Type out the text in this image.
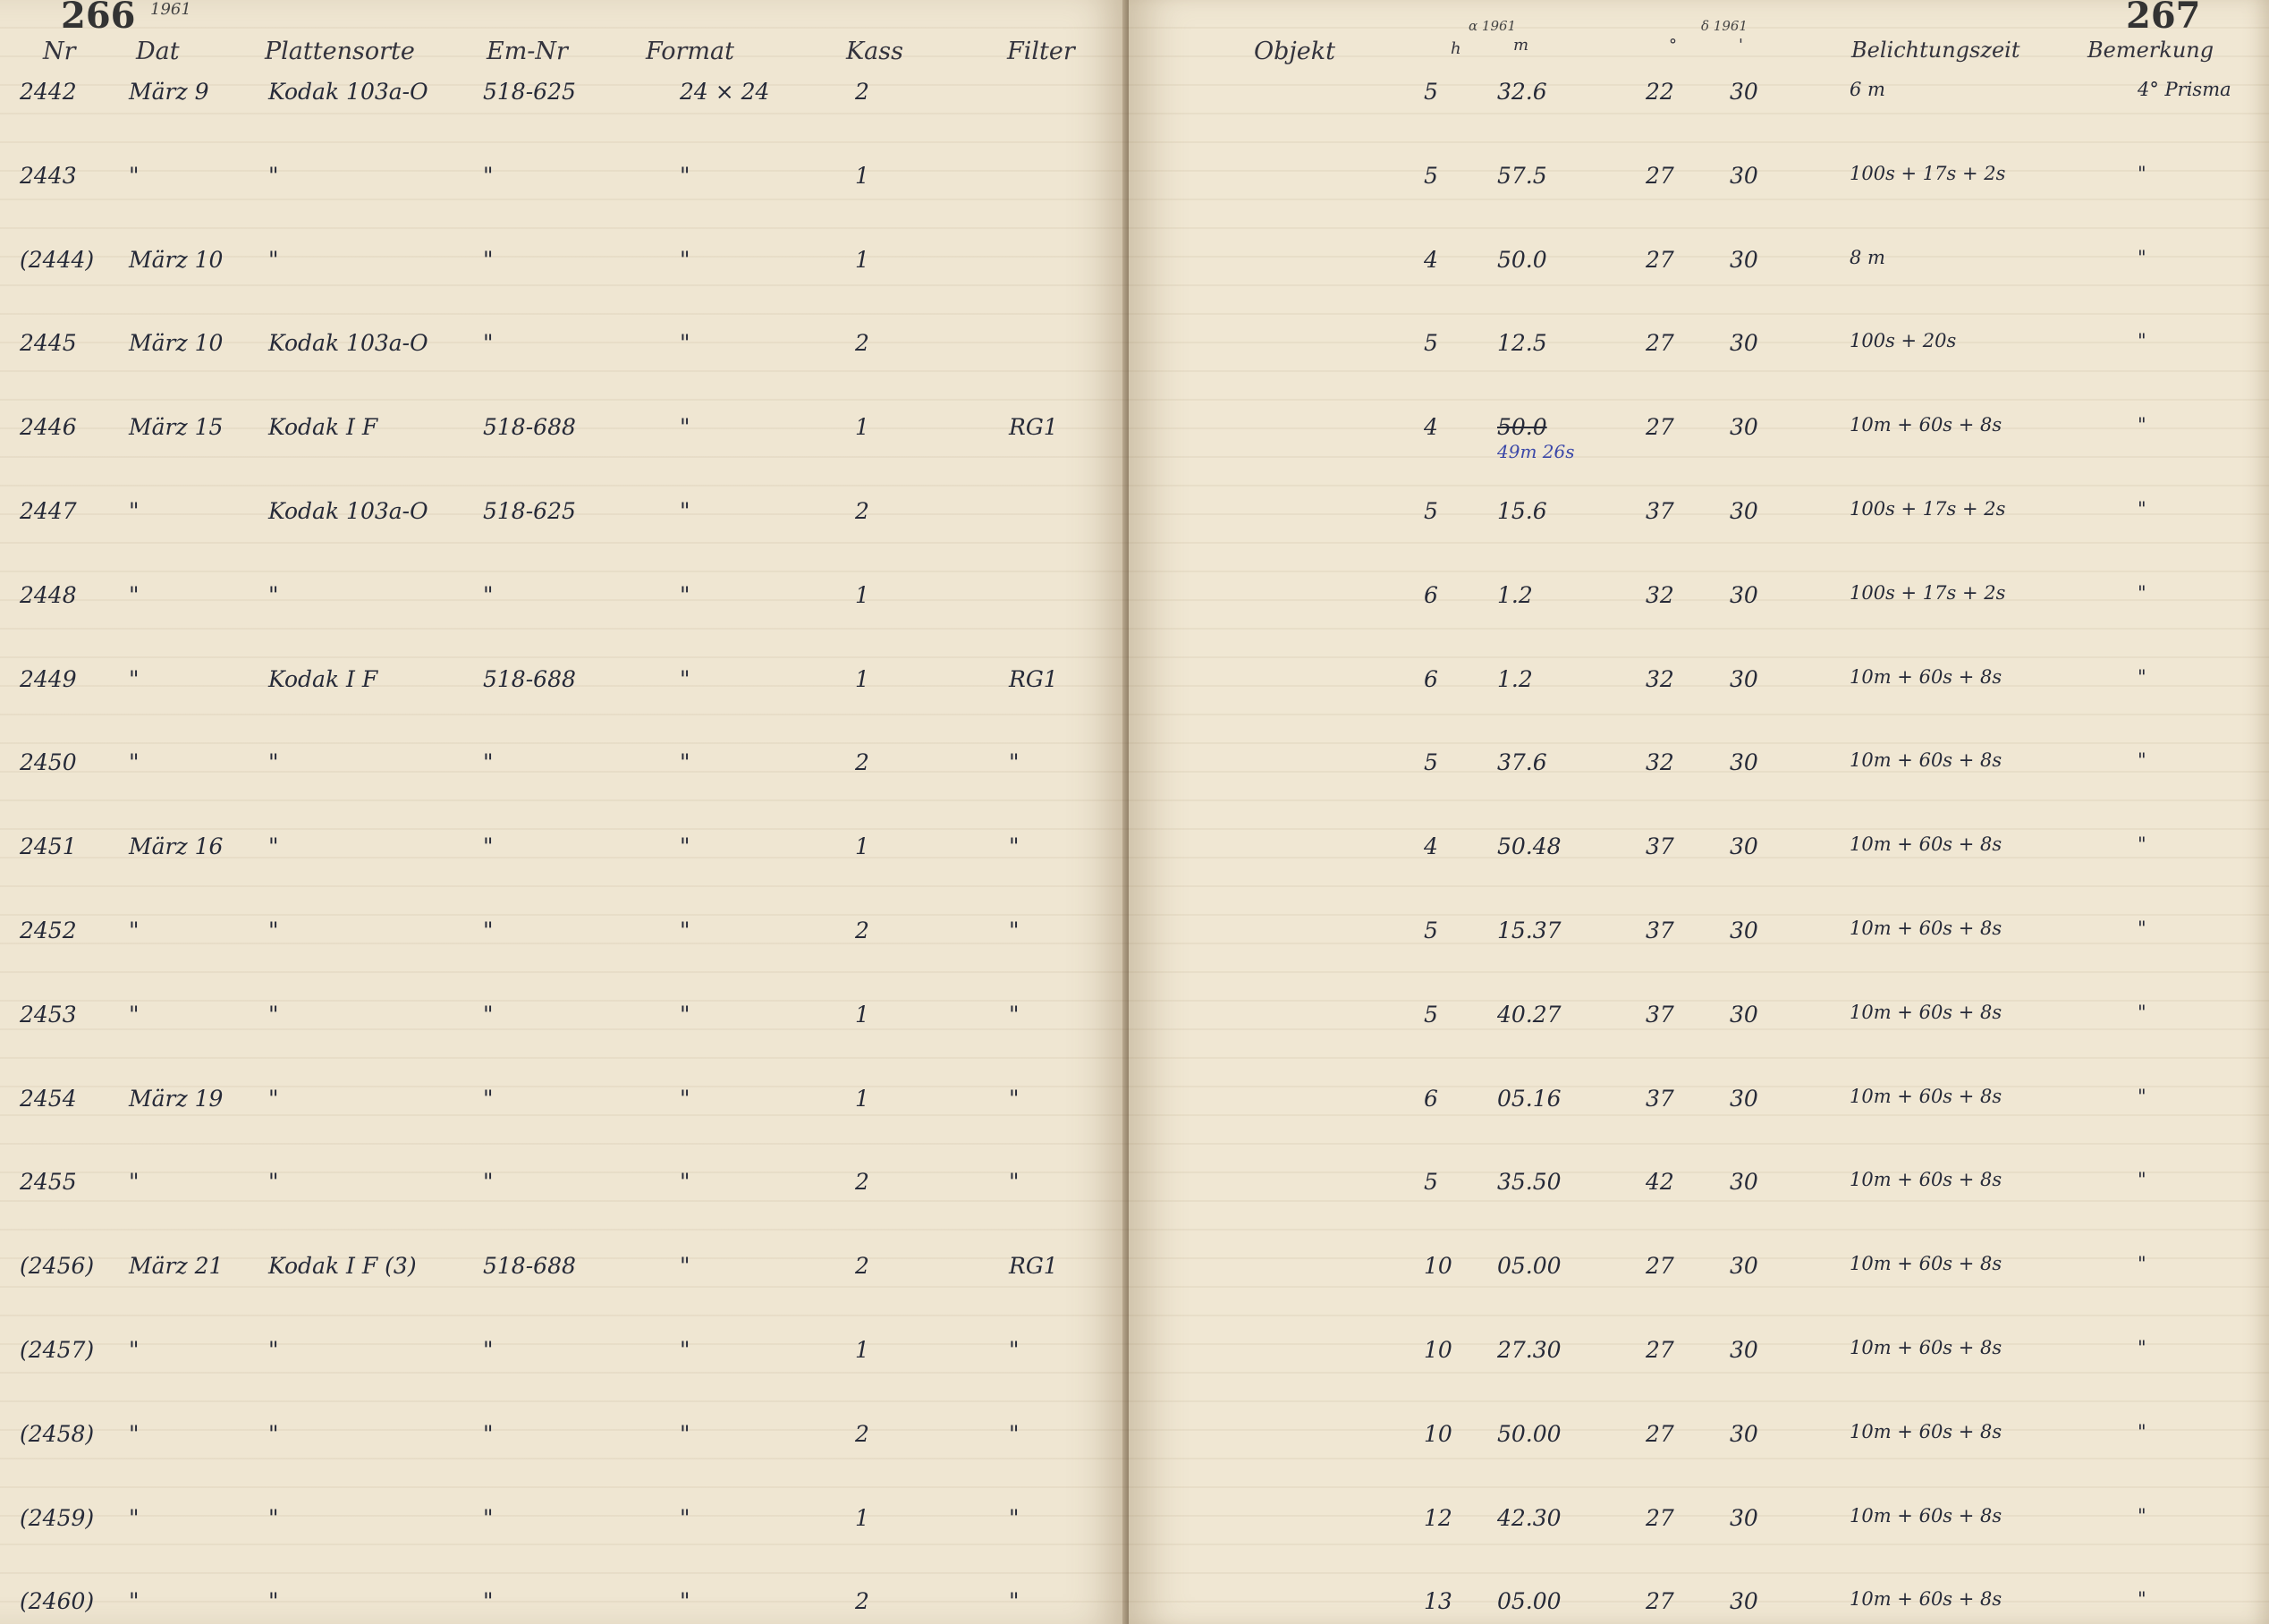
266 1961
Nr Dat	Plattensorte	Em-Nr	Format	Kass	Filter
2442 März 9	Kodak 103a-O 518-625	24 × 24	2
2443 "	"	"	"	1
(2444) März 10 "	"	"	1
2445 März 10 Kodak 103a-O "	"	2
2446 März 15 Kodak I F	518-688	"	1	RG1
2447 "	Kodak 103a-O 518-625	"	2
2448 "	"	"	"	1
2449 "	Kodak I F	518-688	"	1	RG1
2450 "	"	"	"	2	"
2451 März 16 "	"	"	1	"
2452 "	"	"	"	2	"
2453 "	"	"	"	1	"
2454 März 19 "	"	"	1	"
2455 "	"	"	"	2	"
(2456) März 21 Kodak I F (3)	518-688	"	2	RG1
(2457) "	"	"	"	1	"
(2458) "	"	"	"	2	"
(2459) "	"	"	"	1	"
(2460) "	"	"	"	2	"
267
α 1961	δ 1961
Objekt	h	m	°	'	Belichtungszeit	Bemerkung
5	32.6	22 30	6 m	4° Prisma
5	57.5	27 30	100s + 17s + 2s	"
4	50.0	27 30	8 m	"
5	12.5	27 30	100s + 20s	"
4	50.0	27 30	10m + 60s + 8s	"
49m 26s
5	15.6	37 30	100s + 17s + 2s	"
6	1.2	32 30	100s + 17s + 2s	"
6	1.2	32 30	10m + 60s + 8s	"
5	37.6	32 30	10m + 60s + 8s	"
4	50.48	37 30	10m + 60s + 8s	"
5	15.37	37 30	10m + 60s + 8s	"
5	40.27	37 30	10m + 60s + 8s	"
6	05.16	37 30	10m + 60s + 8s	"
5	35.50	42 30	10m + 60s + 8s	"
10 05.00	27 30	10m + 60s + 8s	"
10 27.30	27 30	10m + 60s + 8s	"
10 50.00	27 30	10m + 60s + 8s	"
12 42.30	27 30	10m + 60s + 8s	"
13 05.00	27 30	10m + 60s + 8s	"
